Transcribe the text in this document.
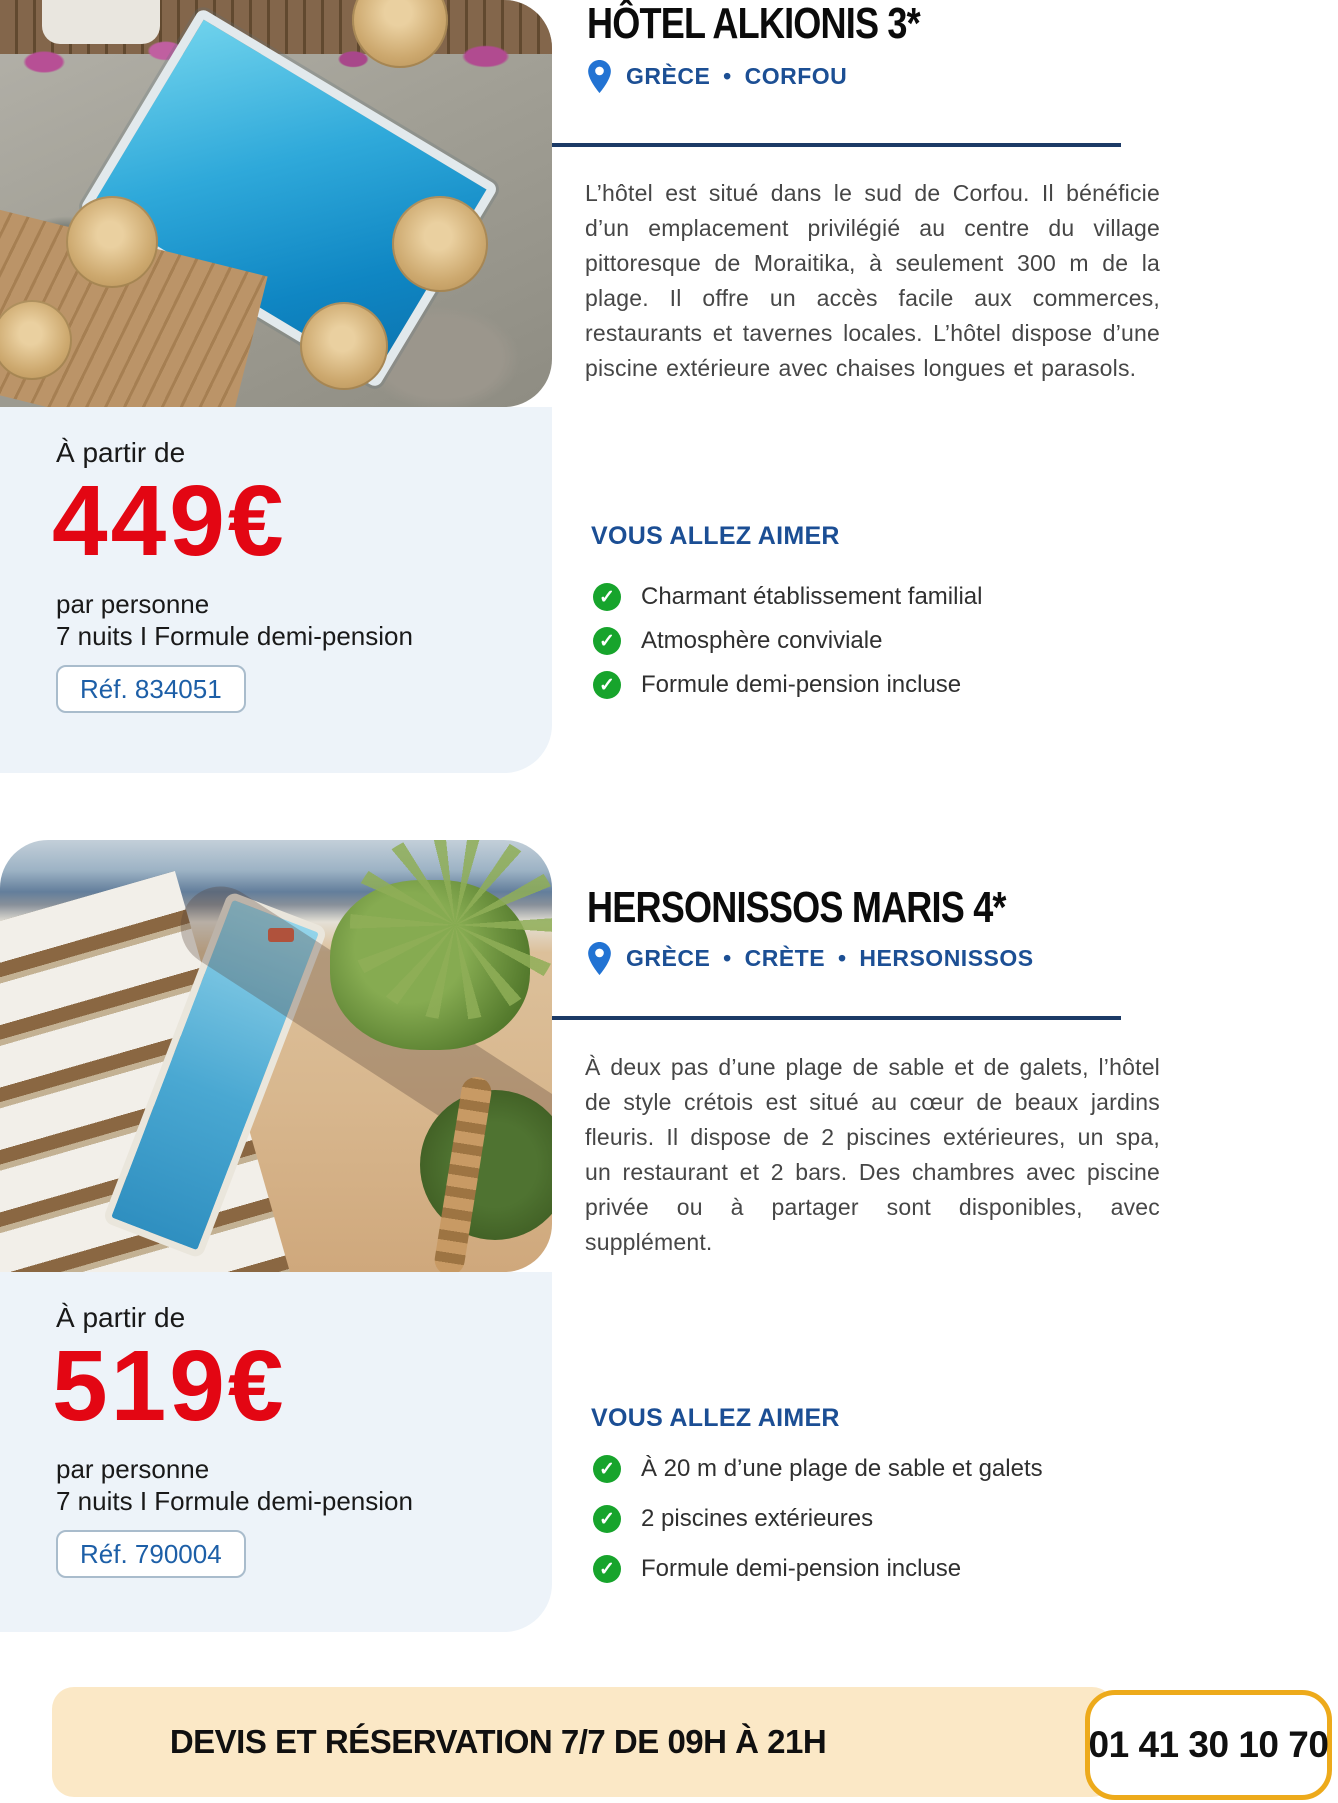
À partir de
449€
par personne
7 nuits I Formule demi-pension
Réf. 834051
HÔTEL ALKIONIS 3*
GRÈCE • CORFOU

L’hôtel est situé dans le sud de Corfou. Il bénéficie d’un emplacement privilégié au centre du village pittoresque de Moraitika, à seulement 300 m de la plage. Il offre un accès facile aux commerces, restaurants et tavernes locales. L’hôtel dispose d’une piscine extérieure avec chaises longues et parasols.

VOUS ALLEZ AIMER
✓
Charmant établissement familial
✓
Atmosphère conviviale
✓
Formule demi-pension incluse
À partir de
519€
par personne
7 nuits I Formule demi-pension
Réf. 790004
HERSONISSOS MARIS 4*
GRÈCE • CRÈTE • HERSONISSOS

À deux pas d’une plage de sable et de galets, l’hôtel de style crétois est situé au cœur de beaux jardins fleuris. Il dispose de 2 piscines extérieures, un spa, un restaurant et 2 bars. Des chambres avec piscine privée ou à partager sont disponibles, avec supplément.

VOUS ALLEZ AIMER
✓
À 20 m d’une plage de sable et galets
✓
2 piscines extérieures
✓
Formule demi-pension incluse
DEVIS ET RÉSERVATION 7/7 DE 09H À 21H	01 41 30 10 70
